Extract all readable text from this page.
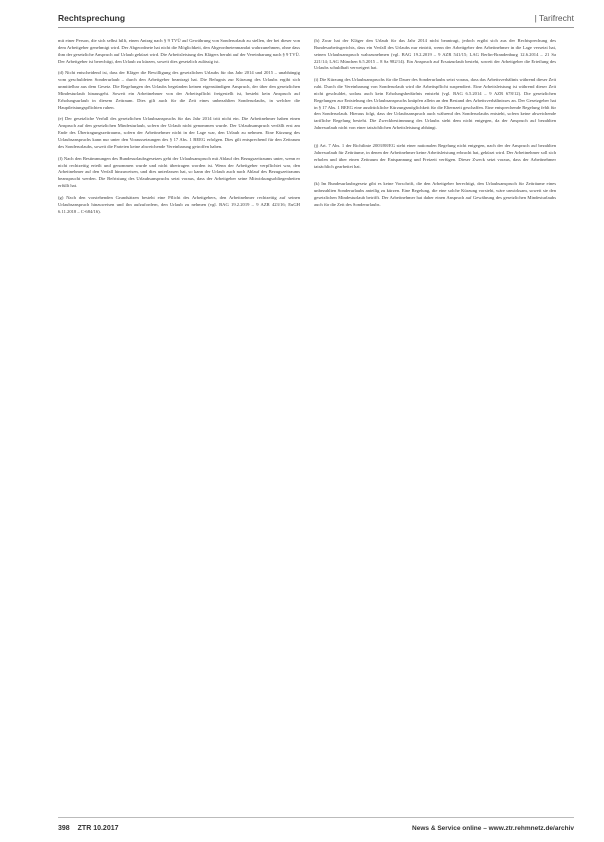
Rechtsprechung	| Tarifrecht

mit einer Person, die sich selbst hilft, einen Antrag nach § 9 TVÜ auf Gewährung von Sonderurlaub zu stellen, der bei dieser von dem Arbeitgeber genehmigt wird. Der Abgeordnete hat nicht die Möglichkeit, den Abgeordnetenmandat wahrzunehmen, ohne dass ihm der gesetzliche Anspruch auf Urlaub gekürzt wird. Die Arbeitsleistung des Klägers beruht auf der Vereinbarung nach § 9 TVÜ. Der Arbeitgeber ist berechtigt, den Urlaub zu kürzen, soweit dies gesetzlich zulässig ist.

(d) Nicht entscheidend ist, dass der Kläger die Bewilligung des gesetzlichen Urlaubs für das Jahr 2014 und 2015 – unabhängig vom geschuldeten Sonderurlaub – durch den Arbeitgeber beantragt hat. Die Befugnis zur Kürzung des Urlaubs ergibt sich unmittelbar aus dem Gesetz. Die Regelungen des Urlaubs begründen keinen eigenständigen Anspruch, der über den gesetzlichen Mindesturlaub hinausgeht. Soweit ein Arbeitnehmer von der Arbeitspflicht freigestellt ist, besteht kein Anspruch auf Erholungsurlaub in diesem Zeitraum. Dies gilt auch für die Zeit eines unbezahlten Sonderurlaubs, in welcher die Hauptleistungspflichten ruhen.

(e) Der gesetzliche Verfall des gesetzlichen Urlaubsanspruchs für das Jahr 2014 tritt nicht ein. Die Arbeitnehmer haben einen Anspruch auf den gesetzlichen Mindesturlaub, sofern der Urlaub nicht genommen wurde. Der Urlaubsanspruch verfällt erst am Ende des Übertragungszeitraums, sofern der Arbeitnehmer nicht in der Lage war, den Urlaub zu nehmen. Eine Kürzung des Urlaubsanspruchs kann nur unter den Voraussetzungen des § 17 Abs. 1 BEEG erfolgen. Dies gilt entsprechend für den Zeitraum des Sonderurlaubs, soweit die Parteien keine abweichende Vereinbarung getroffen haben.

(f) Nach den Bestimmungen des Bundesurlaubsgesetzes geht der Urlaubsanspruch mit Ablauf des Bezugszeitraums unter, wenn er nicht rechtzeitig erteilt und genommen wurde und nicht übertragen worden ist. Wenn der Arbeitgeber verpflichtet war, den Arbeitnehmer auf den Verfall hinzuweisen, und dies unterlassen hat, so kann der Urlaub auch nach Ablauf des Bezugszeitraums beansprucht werden. Die Befristung des Urlaubsanspruchs setzt voraus, dass der Arbeitgeber seine Mitwirkungsobliegenheiten erfüllt hat.

(g) Nach den vorstehenden Grundsätzen besteht eine Pflicht des Arbeitgebers, den Arbeitnehmer rechtzeitig auf seinen Urlaubsanspruch hinzuweisen und ihn aufzufordern, den Urlaub zu nehmen (vgl. BAG 19.2.2019 – 9 AZR 423/16; EuGH 6.11.2018 – C-684/16).

(h) Zwar hat der Kläger den Urlaub für das Jahr 2014 nicht beantragt, jedoch ergibt sich aus der Rechtsprechung des Bundesarbeitsgerichts, dass ein Verfall des Urlaubs nur eintritt, wenn der Arbeitgeber den Arbeitnehmer in die Lage versetzt hat, seinen Urlaubsanspruch wahrzunehmen (vgl. BAG 19.2.2019 – 9 AZR 541/15; LAG Berlin-Brandenburg 12.6.2014 – 21 Sa 221/14; LAG München 6.5.2015 – 8 Sa 982/14). Ein Anspruch auf Ersatzurlaub besteht, soweit der Arbeitgeber die Erteilung des Urlaubs schuldhaft verweigert hat.

(i) Die Kürzung des Urlaubsanspruchs für die Dauer des Sonderurlaubs setzt voraus, dass das Arbeitsverhältnis während dieser Zeit ruht. Durch die Vereinbarung von Sonderurlaub wird die Arbeitspflicht suspendiert. Eine Arbeitsleistung ist während dieser Zeit nicht geschuldet, sodass auch kein Erholungsbedürfnis entsteht (vgl. BAG 6.5.2014 – 9 AZR 678/12). Die gesetzlichen Regelungen zur Entstehung des Urlaubsanspruchs knüpfen allein an den Bestand des Arbeitsverhältnisses an. Der Gesetzgeber hat in § 17 Abs. 1 BEEG eine ausdrückliche Kürzungsmöglichkeit für die Elternzeit geschaffen. Eine entsprechende Regelung fehlt für den Sonderurlaub. Hieraus folgt, dass der Urlaubsanspruch auch während des Sonderurlaubs entsteht, sofern keine abweichende tarifliche Regelung besteht. Die Zweckbestimmung des Urlaubs steht dem nicht entgegen, da der Anspruch auf bezahlten Jahresurlaub nicht von einer tatsächlichen Arbeitsleistung abhängt.

(j) Art. 7 Abs. 1 der Richtlinie 2003/88/EG steht einer nationalen Regelung nicht entgegen, nach der der Anspruch auf bezahlten Jahresurlaub für Zeiträume, in denen der Arbeitnehmer keine Arbeitsleistung erbracht hat, gekürzt wird. Der Arbeitnehmer soll sich erholen und über einen Zeitraum der Entspannung und Freizeit verfügen. Dieser Zweck setzt voraus, dass der Arbeitnehmer tatsächlich gearbeitet hat.

(k) Im Bundesurlaubsgesetz gibt es keine Vorschrift, die den Arbeitgeber berechtigt, den Urlaubsanspruch für Zeiträume eines unbezahlten Sonderurlaubs anteilig zu kürzen. Eine Regelung, die eine solche Kürzung vorsieht, wäre unwirksam, soweit sie den gesetzlichen Mindesturlaub betrifft. Der Arbeitnehmer hat daher einen Anspruch auf Gewährung des gesetzlichen Mindesturlaubs auch für die Zeit des Sonderurlaubs.

398 ZTR 10.2017	News & Service online – www.ztr.rehmnetz.de/archiv
